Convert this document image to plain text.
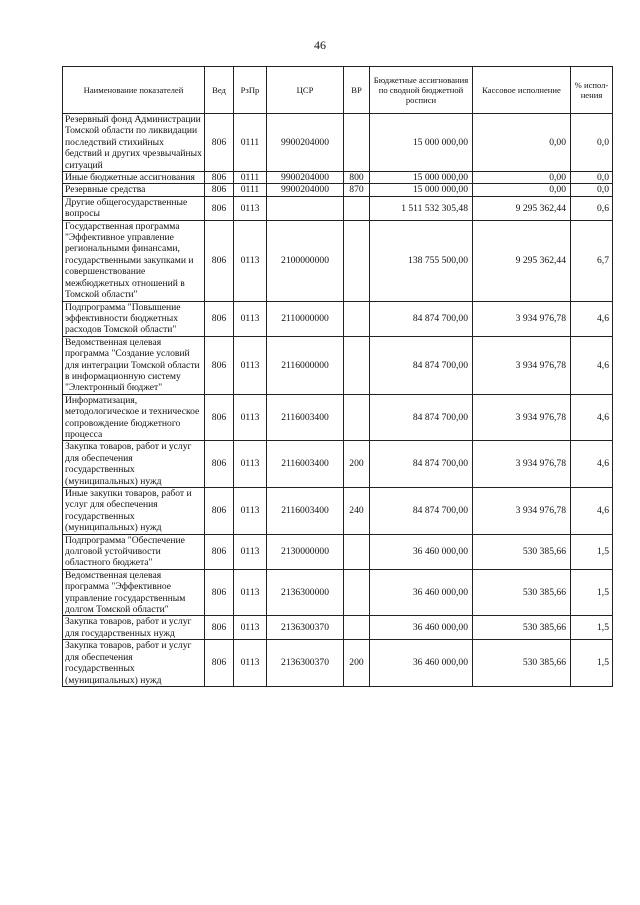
46
Наименование показателей	Вед	РзПр	ЦСР	ВР	Бюджетные ассигнования по сводной бюджетной росписи	Кассовое исполнение	% испол-нения
Резервный фонд Администрации Томской области по ликвидации последствий стихийных бедствий и других чрезвычайных ситуаций	806	0111	9900204000		15 000 000,00	0,00	0,0
Иные бюджетные ассигнования	806	0111	9900204000	800	15 000 000,00	0,00	0,0
Резервные средства	806	0111	9900204000	870	15 000 000,00	0,00	0,0
Другие общегосударственные вопросы	806	0113			1 511 532 305,48	9 295 362,44	0,6
Государственная программа "Эффективное управление региональными финансами, государственными закупками и совершенствование межбюджетных отношений в Томской области"	806	0113	2100000000		138 755 500,00	9 295 362,44	6,7
Подпрограмма "Повышение эффективности бюджетных расходов Томской области"	806	0113	2110000000		84 874 700,00	3 934 976,78	4,6
Ведомственная целевая программа "Создание условий для интеграции Томской области в информационную систему "Электронный бюджет"	806	0113	2116000000		84 874 700,00	3 934 976,78	4,6
Информатизация, методологическое и техническое сопровождение бюджетного процесса	806	0113	2116003400		84 874 700,00	3 934 976,78	4,6
Закупка товаров, работ и услуг для обеспечения государственных (муниципальных) нужд	806	0113	2116003400	200	84 874 700,00	3 934 976,78	4,6
Иные закупки товаров, работ и услуг для обеспечения государственных (муниципальных) нужд	806	0113	2116003400	240	84 874 700,00	3 934 976,78	4,6
Подпрограмма "Обеспечение долговой устойчивости областного бюджета"	806	0113	2130000000		36 460 000,00	530 385,66	1,5
Ведомственная целевая программа "Эффективное управление государственным долгом Томской области"	806	0113	2136300000		36 460 000,00	530 385,66	1,5
Закупка товаров, работ и услуг для государственных нужд	806	0113	2136300370		36 460 000,00	530 385,66	1,5
Закупка товаров, работ и услуг для обеспечения государственных (муниципальных) нужд	806	0113	2136300370	200	36 460 000,00	530 385,66	1,5
